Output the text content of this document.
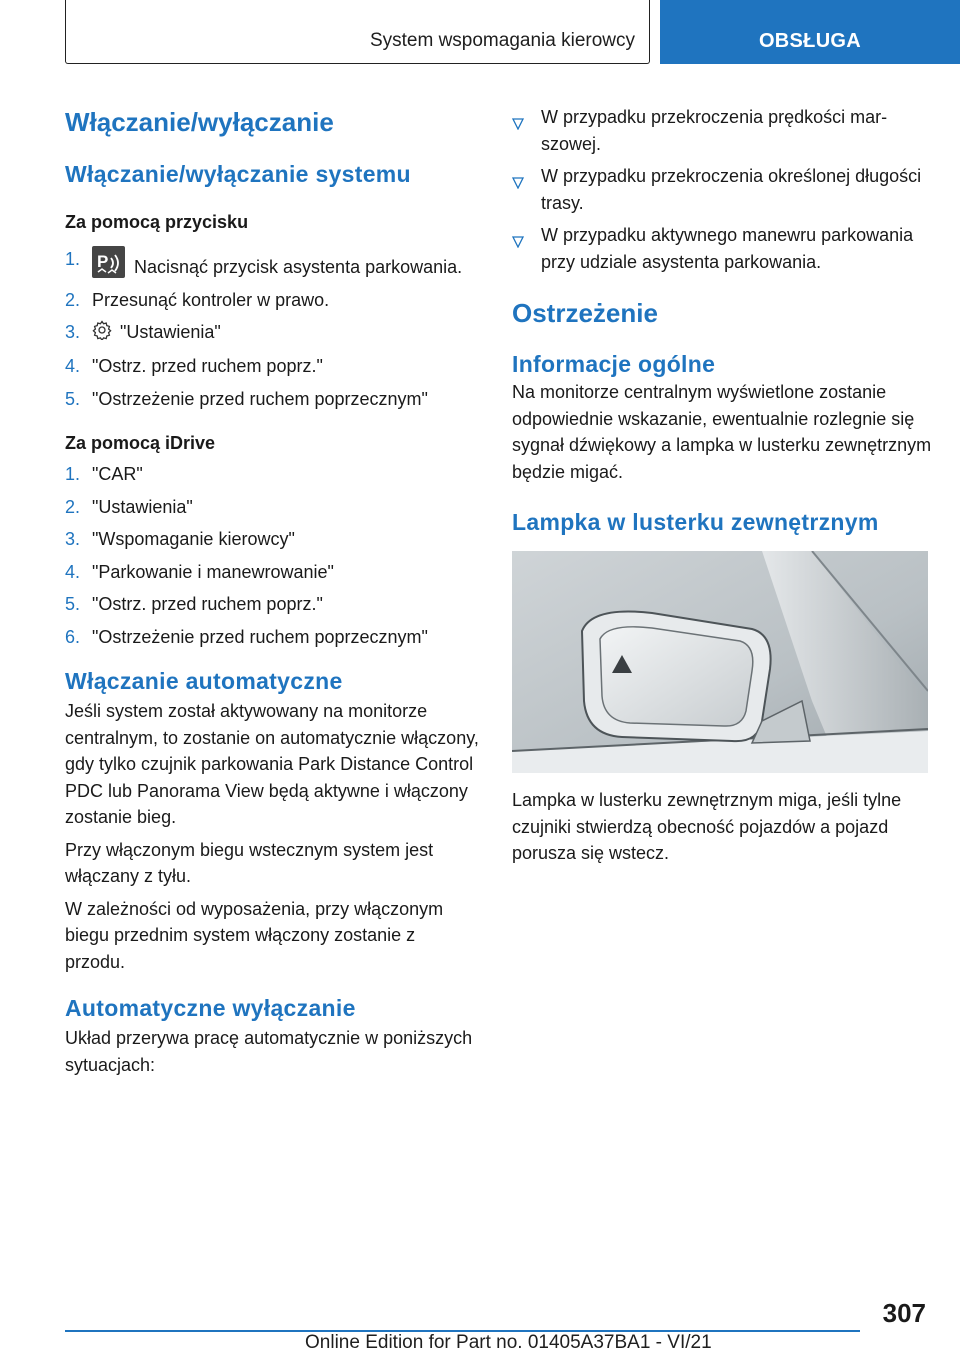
System wspomagania kierowcy	OBSŁUGA
Włączanie/wyłączanie
Włączanie/wyłączanie systemu
Za pomocą przycisku
1. P Nacisnąć przycisk asystenta parkowania.
2. Przesunąć kontroler w prawo.
3. "Ustawienia"
4. "Ostrz. przed ruchem poprz."
5. "Ostrzeżenie przed ruchem poprzecznym"
Za pomocą iDrive
1. "CAR"
2. "Ustawienia"
3. "Wspomaganie kierowcy"
4. "Parkowanie i manewrowanie"
5. "Ostrz. przed ruchem poprz."
6. "Ostrzeżenie przed ruchem poprzecznym"
Włączanie automatyczne

Jeśli system został aktywowany na monitorze centralnym, to zostanie on automatycznie włączony, gdy tylko czujnik parkowania Park Distance Control PDC lub Panorama View będą aktywne i włączony zostanie bieg.

Przy włączonym biegu wstecznym system jest włączany z tyłu.

W zależności od wyposażenia, przy włączonym biegu przednim system włączony zostanie z przodu.

Automatyczne wyłączanie

Układ przerywa pracę automatycznie w poniższych sytuacjach:

W przypadku przekroczenia prędkości marszowej.
W przypadku przekroczenia określonej długości trasy.
W przypadku aktywnego manewru parkowania przy udziale asystenta parkowania.
Ostrzeżenie
Informacje ogólne

Na monitorze centralnym wyświetlone zostanie odpowiednie wskazanie, ewentualnie rozlegnie się sygnał dźwiękowy a lampka w lusterku zewnętrznym będzie migać.

Lampka w lusterku zewnętrznym

Lampka w lusterku zewnętrznym miga, jeśli tylne czujniki stwierdzą obecność pojazdów a pojazd porusza się wstecz.

307
Online Edition for Part no. 01405A37BA1 - VI/21
